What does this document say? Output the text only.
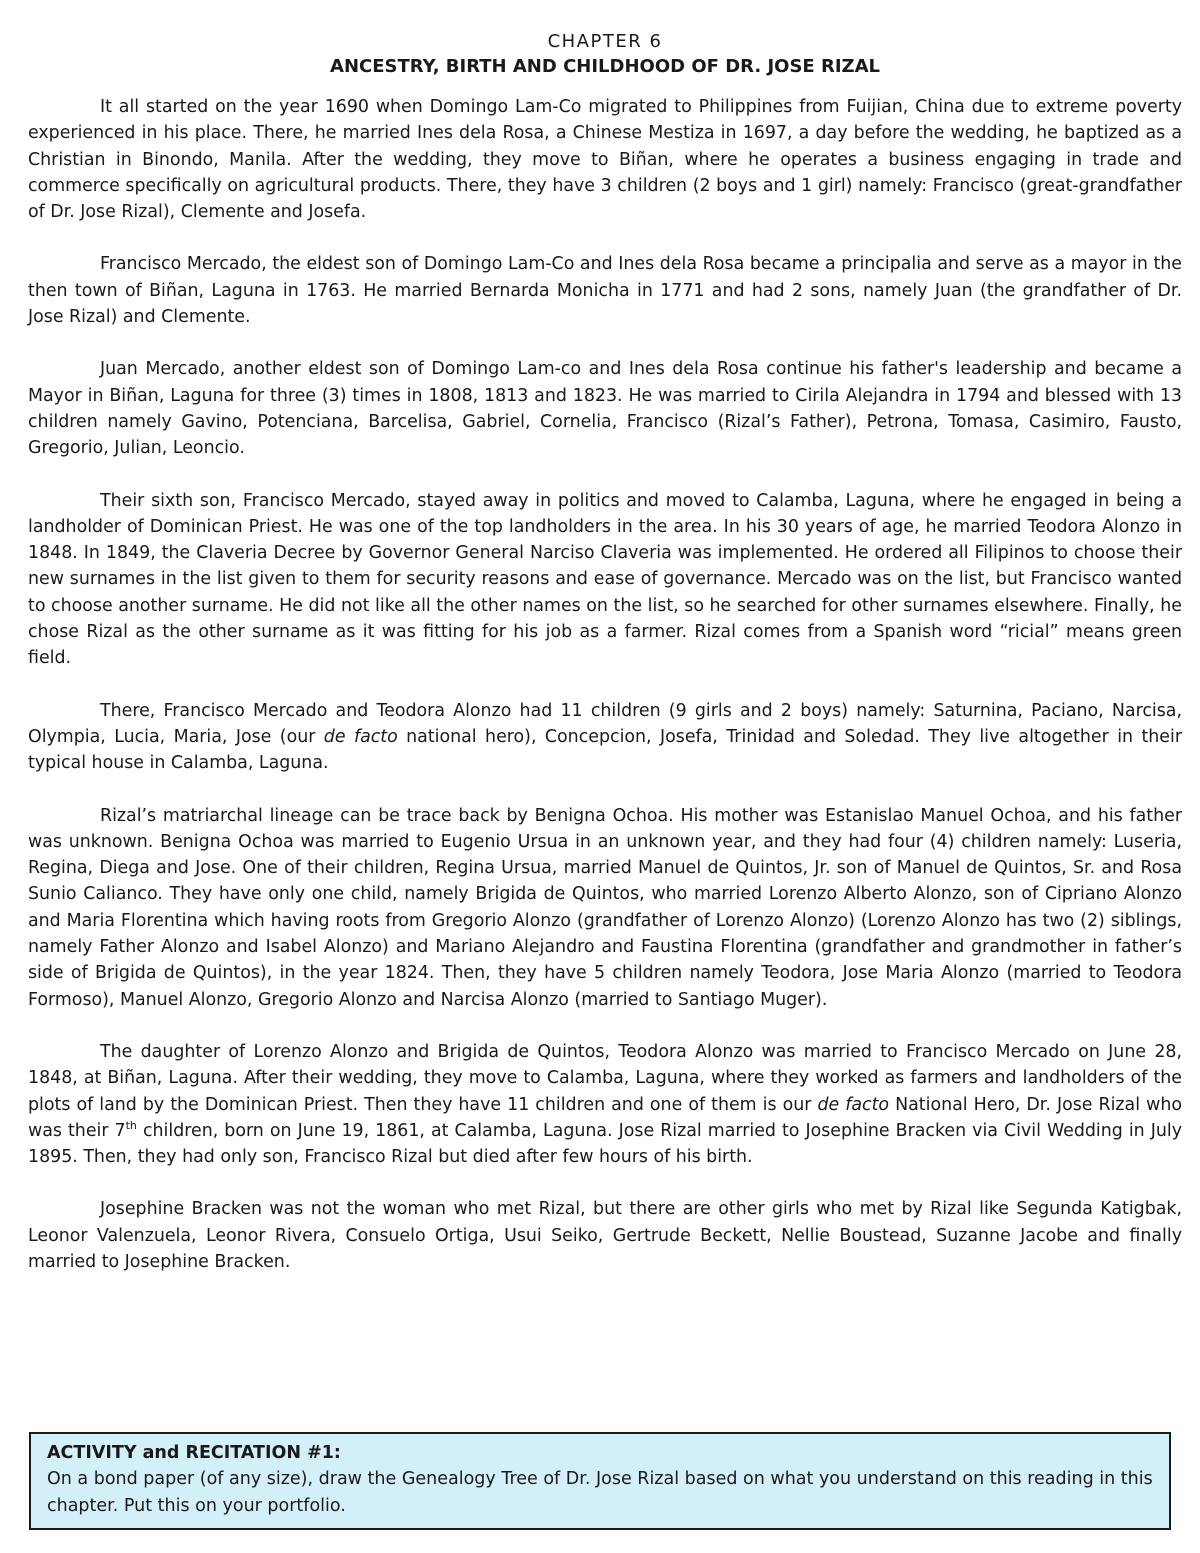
CHAPTER 6

ANCESTRY, BIRTH AND CHILDHOOD OF DR. JOSE RIZAL

It all started on the year 1690 when Domingo Lam-Co migrated to Philippines from Fuijian, China due to extreme poverty experienced in his place. There, he married Ines dela Rosa, a Chinese Mestiza in 1697, a day before the wedding, he baptized as a Christian in Binondo, Manila. After the wedding, they move to Biñan, where he operates a business engaging in trade and commerce specifically on agricultural products. There, they have 3 children (2 boys and 1 girl) namely: Francisco (great-grandfather of Dr. Jose Rizal), Clemente and Josefa.

Francisco Mercado, the eldest son of Domingo Lam-Co and Ines dela Rosa became a principalia and serve as a mayor in the then town of Biñan, Laguna in 1763. He married Bernarda Monicha in 1771 and had 2 sons, namely Juan (the grandfather of Dr. Jose Rizal) and Clemente.

Juan Mercado, another eldest son of Domingo Lam-co and Ines dela Rosa continue his father's leadership and became a Mayor in Biñan, Laguna for three (3) times in 1808, 1813 and 1823. He was married to Cirila Alejandra in 1794 and blessed with 13 children namely Gavino, Potenciana, Barcelisa, Gabriel, Cornelia, Francisco (Rizal’s Father), Petrona, Tomasa, Casimiro, Fausto, Gregorio, Julian, Leoncio.

Their sixth son, Francisco Mercado, stayed away in politics and moved to Calamba, Laguna, where he engaged in being a landholder of Dominican Priest. He was one of the top landholders in the area. In his 30 years of age, he married Teodora Alonzo in 1848. In 1849, the Claveria Decree by Governor General Narciso Claveria was implemented. He ordered all Filipinos to choose their new surnames in the list given to them for security reasons and ease of governance. Mercado was on the list, but Francisco wanted to choose another surname. He did not like all the other names on the list, so he searched for other surnames elsewhere. Finally, he chose Rizal as the other surname as it was fitting for his job as a farmer. Rizal comes from a Spanish word “ricial” means green field.

There, Francisco Mercado and Teodora Alonzo had 11 children (9 girls and 2 boys) namely: Saturnina, Paciano, Narcisa, Olympia, Lucia, Maria, Jose (our de facto national hero), Concepcion, Josefa, Trinidad and Soledad. They live altogether in their typical house in Calamba, Laguna.

Rizal’s matriarchal lineage can be trace back by Benigna Ochoa. His mother was Estanislao Manuel Ochoa, and his father was unknown. Benigna Ochoa was married to Eugenio Ursua in an unknown year, and they had four (4) children namely: Luseria, Regina, Diega and Jose. One of their children, Regina Ursua, married Manuel de Quintos, Jr. son of Manuel de Quintos, Sr. and Rosa Sunio Calianco. They have only one child, namely Brigida de Quintos, who married Lorenzo Alberto Alonzo, son of Cipriano Alonzo and Maria Florentina which having roots from Gregorio Alonzo (grandfather of Lorenzo Alonzo) (Lorenzo Alonzo has two (2) siblings, namely Father Alonzo and Isabel Alonzo) and Mariano Alejandro and Faustina Florentina (grandfather and grandmother in father’s side of Brigida de Quintos), in the year 1824. Then, they have 5 children namely Teodora, Jose Maria Alonzo (married to Teodora Formoso), Manuel Alonzo, Gregorio Alonzo and Narcisa Alonzo (married to Santiago Muger).

The daughter of Lorenzo Alonzo and Brigida de Quintos, Teodora Alonzo was married to Francisco Mercado on June 28, 1848, at Biñan, Laguna. After their wedding, they move to Calamba, Laguna, where they worked as farmers and landholders of the plots of land by the Dominican Priest. Then they have 11 children and one of them is our de facto National Hero, Dr. Jose Rizal who was their 7th children, born on June 19, 1861, at Calamba, Laguna. Jose Rizal married to Josephine Bracken via Civil Wedding in July 1895. Then, they had only son, Francisco Rizal but died after few hours of his birth.

Josephine Bracken was not the woman who met Rizal, but there are other girls who met by Rizal like Segunda Katigbak, Leonor Valenzuela, Leonor Rivera, Consuelo Ortiga, Usui Seiko, Gertrude Beckett, Nellie Boustead, Suzanne Jacobe and finally married to Josephine Bracken.

ACTIVITY and RECITATION #1:
On a bond paper (of any size), draw the Genealogy Tree of Dr. Jose Rizal based on what you understand on this reading in this chapter. Put this on your portfolio.
